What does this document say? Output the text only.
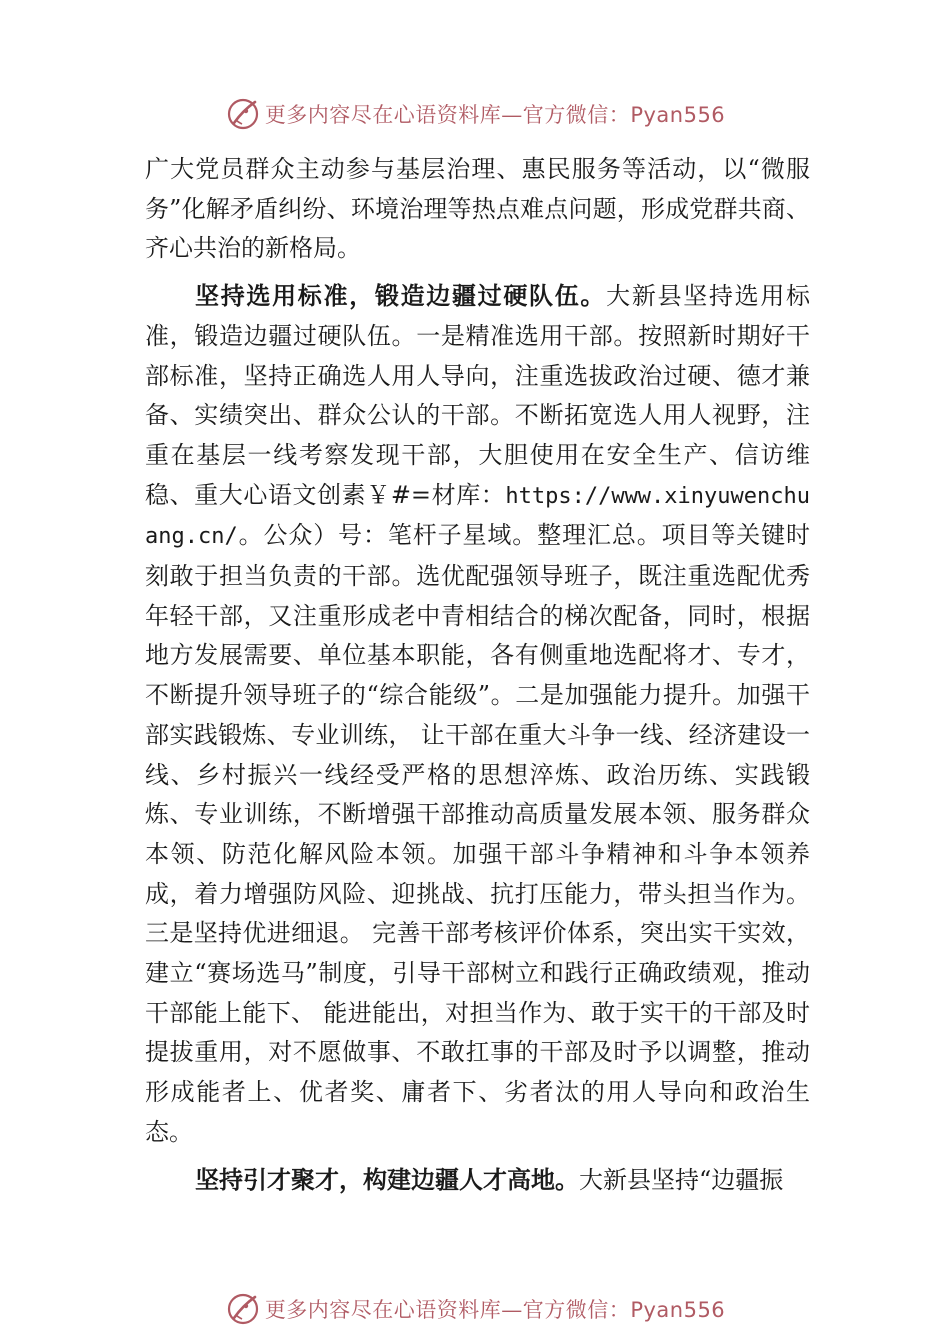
更多内容尽在心语资料库—官方微信：Pyan556

广大党员群众主动参与基层治理、惠民服务等活动，以“微服务”化解矛盾纠纷、环境治理等热点难点问题，形成党群共商、齐心共治的新格局。

坚持选用标准，锻造边疆过硬队伍。大新县坚持选用标准，锻造边疆过硬队伍。一是精准选用干部。按照新时期好干部标准，坚持正确选人用人导向，注重选拔政治过硬、德才兼备、实绩突出、群众公认的干部。不断拓宽选人用人视野，注重在基层一线考察发现干部，大胆使用在安全生产、信访维稳、重大心语文创素￥#=材库：https://www.xinyuwenchuang.cn/。公众）号：笔杆子星域。整理汇总。项目等关键时刻敢于担当负责的干部。选优配强领导班子，既注重选配优秀年轻干部，又注重形成老中青相结合的梯次配备，同时，根据地方发展需要、单位基本职能，各有侧重地选配将才、专才，不断提升领导班子的“综合能级”。二是加强能力提升。加强干部实践锻炼、专业训练， 让干部在重大斗争一线、经济建设一线、乡村振兴一线经受严格的思想淬炼、政治历练、实践锻炼、专业训练，不断增强干部推动高质量发展本领、服务群众本领、防范化解风险本领。加强干部斗争精神和斗争本领养成，着力增强防风险、迎挑战、抗打压能力，带头担当作为。三是坚持优进细退。 完善干部考核评价体系，突出实干实效，建立“赛场选马”制度，引导干部树立和践行正确政绩观，推动干部能上能下、 能进能出，对担当作为、敢于实干的干部及时提拔重用，对不愿做事、不敢扛事的干部及时予以调整，推动形成能者上、优者奖、庸者下、劣者汰的用人导向和政治生态。

坚持引才聚才，构建边疆人才高地。大新县坚持“边疆振

更多内容尽在心语资料库—官方微信：Pyan556
